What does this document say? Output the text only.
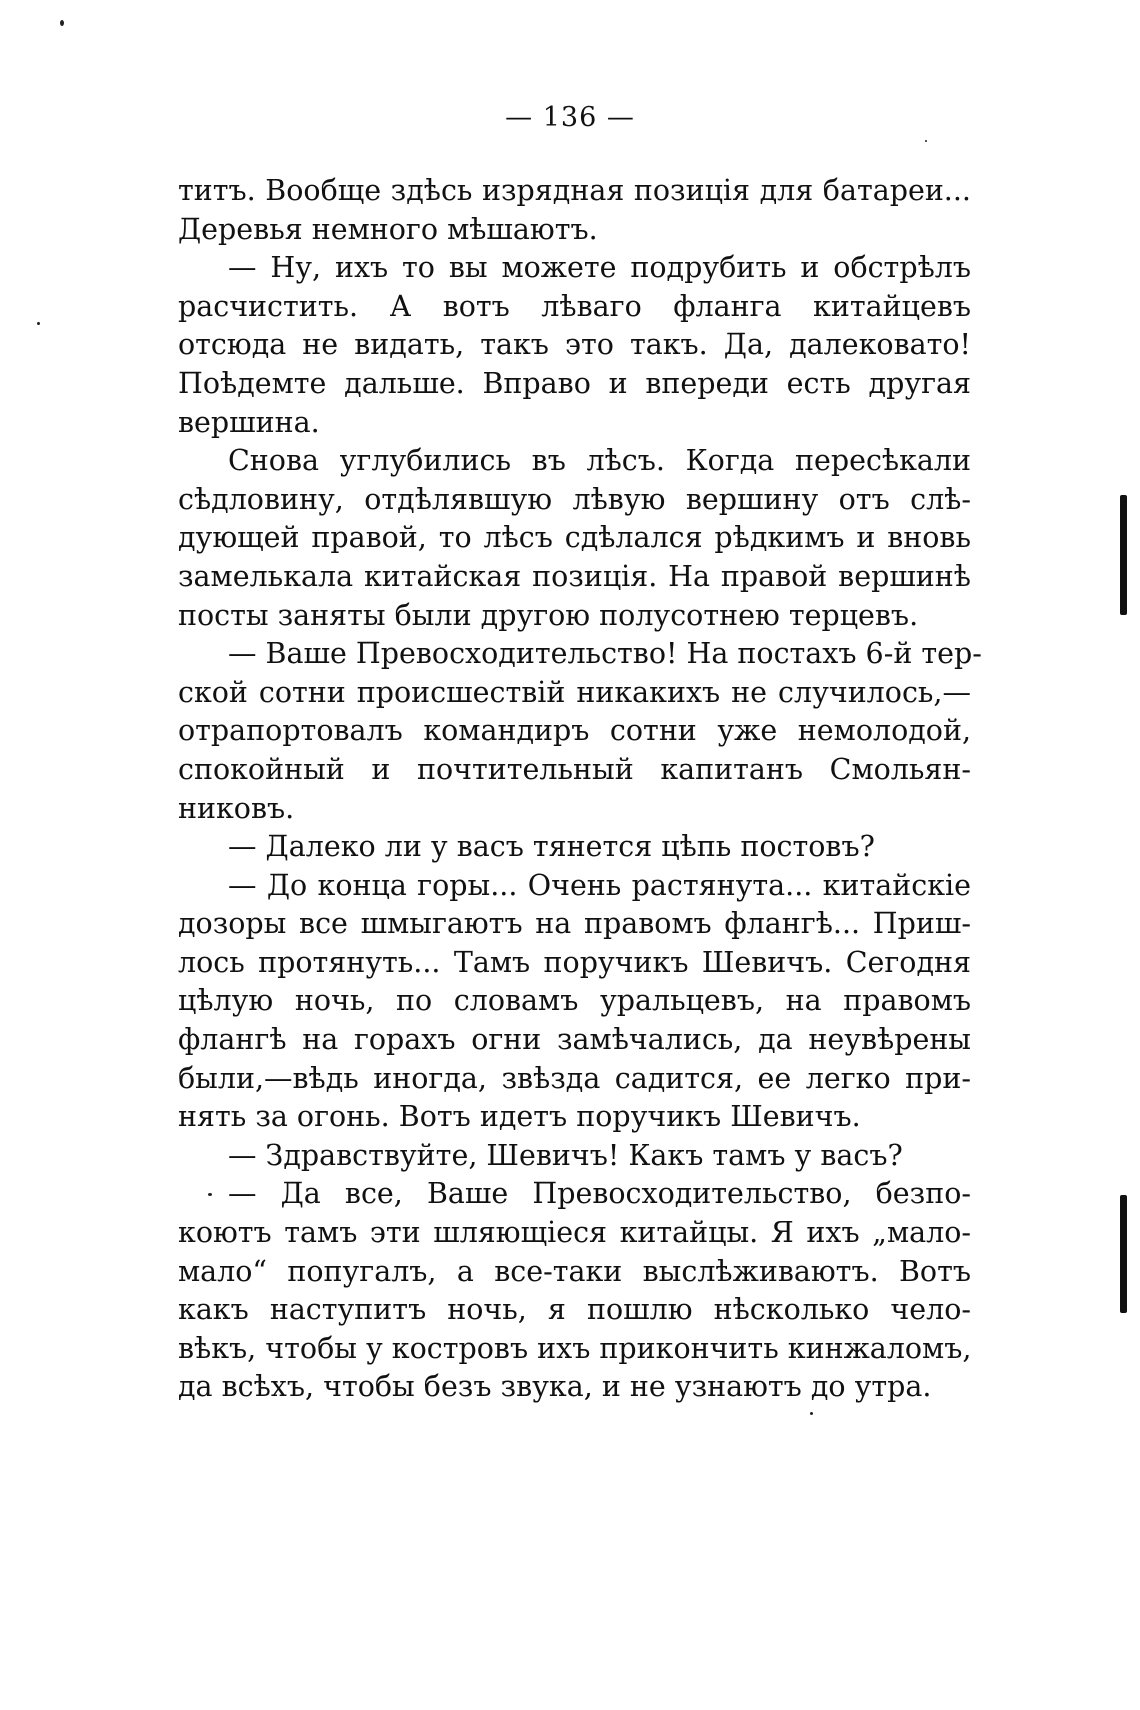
— 136 —
титъ. Вообще здѣсь изрядная позиція для батареи...
Деревья немного мѣшаютъ.
— Ну, ихъ то вы можете подрубить и обстрѣлъ
расчистить. А вотъ лѣваго фланга китайцевъ
отсюда не видать, такъ это такъ. Да, далековато!
Поѣдемте дальше. Вправо и впереди есть другая
вершина.
Снова углубились въ лѣсъ. Когда пересѣкали
сѣдловину, отдѣлявшую лѣвую вершину отъ слѣ-
дующей правой, то лѣсъ сдѣлался рѣдкимъ и вновь
замелькала китайская позиція. На правой вершинѣ
посты заняты были другою полусотнею терцевъ.
— Ваше Превосходительство! На постахъ 6-й тер-
ской сотни происшествій никакихъ не случилось,—
отрапортовалъ командиръ сотни уже немолодой,
спокойный и почтительный капитанъ Смольян-
никовъ.
— Далеко ли у васъ тянется цѣпь постовъ?
— До конца горы... Очень растянута... китайскіе
дозоры все шмыгаютъ на правомъ флангѣ... Приш-
лось протянуть... Тамъ поручикъ Шевичъ. Сегодня
цѣлую ночь, по словамъ уральцевъ, на правомъ
флангѣ на горахъ огни замѣчались, да неувѣрены
были,—вѣдь иногда, звѣзда садится, ее легко при-
нять за огонь. Вотъ идетъ поручикъ Шевичъ.
— Здравствуйте, Шевичъ! Какъ тамъ у васъ?
— Да все, Ваше Превосходительство, безпо-
коютъ тамъ эти шляющіеся китайцы. Я ихъ „мало-
мало“ попугалъ, а все-таки выслѣживаютъ. Вотъ
какъ наступитъ ночь, я пошлю нѣсколько чело-
вѣкъ, чтобы у костровъ ихъ прикончить кинжаломъ,
да всѣхъ, чтобы безъ звука, и не узнаютъ до утра.
